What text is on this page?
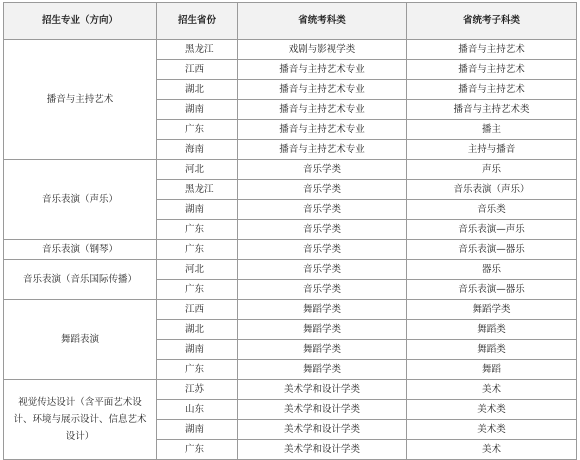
招生专业（方向）	招生省份	省统考科类	省统考子科类
播音与主持艺术	黑龙江	戏剧与影视学类	播音与主持艺术
	江西	播音与主持艺术专业	播音与主持艺术
	湖北	播音与主持艺术专业	播音与主持艺术
	湖南	播音与主持艺术专业	播音与主持艺术类
	广东	播音与主持艺术专业	播主
	海南	播音与主持艺术专业	主持与播音
音乐表演（声乐）	河北	音乐学类	声乐
	黑龙江	音乐学类	音乐表演（声乐）
	湖南	音乐学类	音乐类
	广东	音乐学类	音乐表演—声乐
音乐表演（钢琴）	广东	音乐学类	音乐表演—器乐
音乐表演（音乐国际传播）	河北	音乐学类	器乐
	广东	音乐学类	音乐表演—器乐
舞蹈表演	江西	舞蹈学类	舞蹈学类
	湖北	舞蹈学类	舞蹈类
	湖南	舞蹈学类	舞蹈类
	广东	舞蹈学类	舞蹈
视觉传达设计（含平面艺术设计、环境与展示设计、信息艺术设计）	江苏	美术学和设计学类	美术
	山东	美术学和设计学类	美术类
	湖南	美术学和设计学类	美术类
	广东	美术学和设计学类	美术
